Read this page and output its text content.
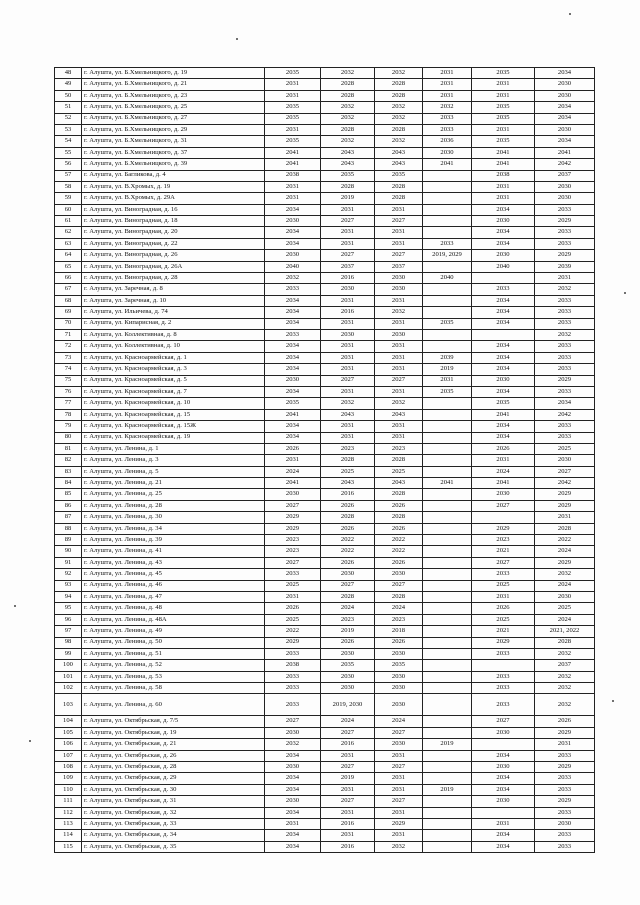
48	г. Алушта, ул. Б.Хмельницкого, д. 19	2035	2032	2032	2031	2035	2034
49	г. Алушта, ул. Б.Хмельницкого, д. 21	2031	2028	2028	2031	2031	2030
50	г. Алушта, ул. Б.Хмельницкого, д. 23	2031	2028	2028	2031	2031	2030
51	г. Алушта, ул. Б.Хмельницкого, д. 25	2035	2032	2032	2032	2035	2034
52	г. Алушта, ул. Б.Хмельницкого, д. 27	2035	2032	2032	2033	2035	2034
53	г. Алушта, ул. Б.Хмельницкого, д. 29	2031	2028	2028	2033	2031	2030
54	г. Алушта, ул. Б.Хмельницкого, д. 31	2035	2032	2032	2036	2035	2034
55	г. Алушта, ул. Б.Хмельницкого, д. 37	2041	2043	2043	2030	2041	2041
56	г. Алушта, ул. Б.Хмельницкого, д. 39	2041	2043	2043	2041	2041	2042
57	г. Алушта, ул. Багликова, д. 4	2038	2035	2035		2038	2037
58	г. Алушта, ул. В.Хромых, д. 19	2031	2028	2028		2031	2030
59	г. Алушта, ул. В.Хромых, д. 29А	2031	2019	2028		2031	2030
60	г. Алушта, ул. Виноградная, д. 16	2034	2031	2031		2034	2033
61	г. Алушта, ул. Виноградная, д. 18	2030	2027	2027		2030	2029
62	г. Алушта, ул. Виноградная, д. 20	2034	2031	2031		2034	2033
63	г. Алушта, ул. Виноградная, д. 22	2034	2031	2031	2033	2034	2033
64	г. Алушта, ул. Виноградная, д. 26	2030	2027	2027	2019, 2029	2030	2029
65	г. Алушта, ул. Виноградная, д. 26А	2040	2037	2037		2040	2039
66	г. Алушта, ул. Виноградная, д. 28	2032	2016	2030	2040		2031
67	г. Алушта, ул. Заречная, д. 8	2033	2030	2030		2033	2032
68	г. Алушта, ул. Заречная, д. 10	2034	2031	2031		2034	2033
69	г. Алушта, ул. Ильичева, д. 74	2034	2016	2032		2034	2033
70	г. Алушта, ул. Кипарисная, д. 2	2034	2031	2031	2035	2034	2033
71	г. Алушта, ул. Коллективная, д. 8	2033	2030	2030			2032
72	г. Алушта, ул. Коллективная, д. 10	2034	2031	2031		2034	2033
73	г. Алушта, ул. Красноармейская, д. 1	2034	2031	2031	2039	2034	2033
74	г. Алушта, ул. Красноармейская, д. 3	2034	2031	2031	2019	2034	2033
75	г. Алушта, ул. Красноармейская, д. 5	2030	2027	2027	2031	2030	2029
76	г. Алушта, ул. Красноармейская, д. 7	2034	2031	2031	2035	2034	2033
77	г. Алушта, ул. Красноармейская, д. 10	2035	2032	2032		2035	2034
78	г. Алушта, ул. Красноармейская, д. 15	2041	2043	2043		2041	2042
79	г. Алушта, ул. Красноармейская, д. 15Ж	2034	2031	2031		2034	2033
80	г. Алушта, ул. Красноармейская, д. 19	2034	2031	2031		2034	2033
81	г. Алушта, ул. Ленина, д. 1	2026	2023	2023		2026	2025
82	г. Алушта, ул. Ленина, д. 3	2031	2028	2028		2031	2030
83	г. Алушта, ул. Ленина, д. 5	2024	2025	2025		2024	2027
84	г. Алушта, ул. Ленина, д. 21	2041	2043	2043	2041	2041	2042
85	г. Алушта, ул. Ленина, д. 25	2030	2016	2028		2030	2029
86	г. Алушта, ул. Ленина, д. 28	2027	2026	2026		2027	2029
87	г. Алушта, ул. Ленина, д. 30	2029	2028	2028			2031
88	г. Алушта, ул. Ленина, д. 34	2029	2026	2026		2029	2028
89	г. Алушта, ул. Ленина, д. 39	2023	2022	2022		2023	2022
90	г. Алушта, ул. Ленина, д. 41	2023	2022	2022		2021	2024
91	г. Алушта, ул. Ленина, д. 43	2027	2026	2026		2027	2029
92	г. Алушта, ул. Ленина, д. 45	2033	2030	2030		2033	2032
93	г. Алушта, ул. Ленина, д. 46	2025	2027	2027		2025	2024
94	г. Алушта, ул. Ленина, д. 47	2031	2028	2028		2031	2030
95	г. Алушта, ул. Ленина, д. 48	2026	2024	2024		2026	2025
96	г. Алушта, ул. Ленина, д. 48А	2025	2023	2023		2025	2024
97	г. Алушта, ул. Ленина, д. 49	2022	2019	2018		2021	2021, 2022
98	г. Алушта, ул. Ленина, д. 50	2029	2026	2026		2029	2028
99	г. Алушта, ул. Ленина, д. 51	2033	2030	2030		2033	2032
100	г. Алушта, ул. Ленина, д. 52	2038	2035	2035			2037
101	г. Алушта, ул. Ленина, д. 53	2033	2030	2030		2033	2032
102	г. Алушта, ул. Ленина, д. 58	2033	2030	2030		2033	2032
103	г. Алушта, ул. Ленина, д. 60	2033	2019, 2030	2030		2033	2032
104	г. Алушта, ул. Октябрьская, д. 7/5	2027	2024	2024		2027	2026
105	г. Алушта, ул. Октябрьская, д. 19	2030	2027	2027		2030	2029
106	г. Алушта, ул. Октябрьская, д. 21	2032	2016	2030	2019		2031
107	г. Алушта, ул. Октябрьская, д. 26	2034	2031	2031		2034	2033
108	г. Алушта, ул. Октябрьская, д. 28	2030	2027	2027		2030	2029
109	г. Алушта, ул. Октябрьская, д. 29	2034	2019	2031		2034	2033
110	г. Алушта, ул. Октябрьская, д. 30	2034	2031	2031	2019	2034	2033
111	г. Алушта, ул. Октябрьская, д. 31	2030	2027	2027		2030	2029
112	г. Алушта, ул. Октябрьская, д. 32	2034	2031	2031			2033
113	г. Алушта, ул. Октябрьская, д. 33	2031	2016	2029		2031	2030
114	г. Алушта, ул. Октябрьская, д. 34	2034	2031	2031		2034	2033
115	г. Алушта, ул. Октябрьская, д. 35	2034	2016	2032		2034	2033
